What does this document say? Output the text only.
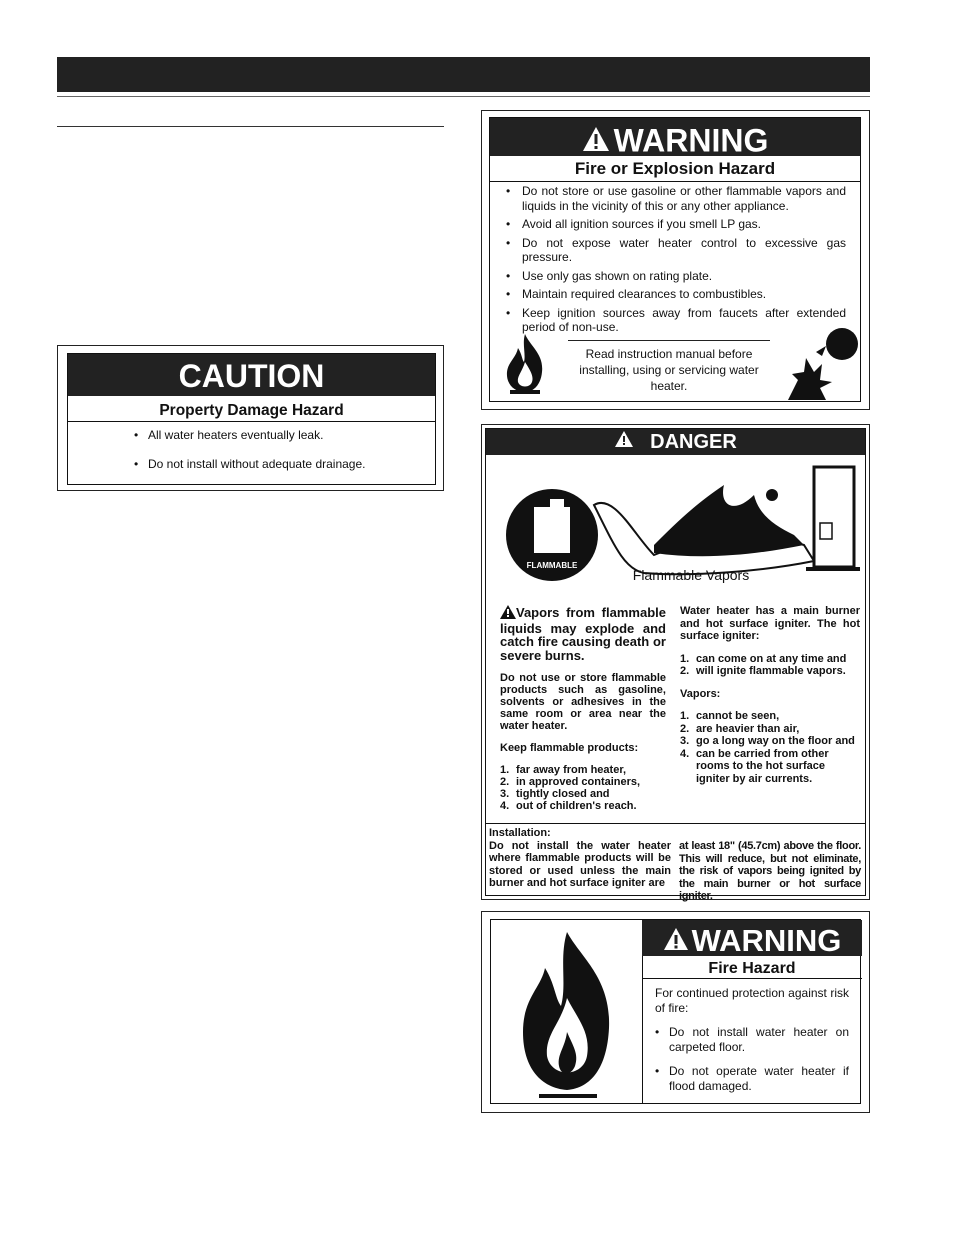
CAUTION
Property Damage Hazard
• All water heaters eventually leak.
• Do not install without adequate drainage.
WARNING
Fire or Explosion Hazard
• Do not store or use gasoline or other flammable vapors and liquids in the vicinity of this or any other appliance.
• Avoid all ignition sources if you smell LP gas.
• Do not expose water heater control to excessive gas pressure.
• Use only gas shown on rating plate.
• Maintain required clearances to combustibles.
• Keep ignition sources away from faucets after extended period of non-use.
Read instruction manual before installing, using or servicing water heater.
DANGER
FLAMMABLE
Flammable Vapors
Vapors from flammable liquids may explode and catch fire causing death or severe burns.
Do not use or store flammable products such as gasoline, solvents or adhesives in the same room or area near the water heater.
Keep flammable products:
1. far away from heater,
2. in approved containers,
3. tightly closed and
4. out of children's reach.
Water heater has a main burner and hot surface igniter. The hot surface igniter:
1. can come on at any time and
2. will ignite flammable vapors.
Vapors:
1. cannot be seen,
2. are heavier than air,
3. go a long way on the floor and
4. can be carried from other rooms to the hot surface igniter by air currents.
Installation:
Do not install the water heater where flammable products will be stored or used unless the main burner and hot surface igniter are
at least 18" (45.7cm) above the floor. This will reduce, but not eliminate, the risk of vapors being ignited by the main burner or hot surface igniter.
WARNING
Fire Hazard

For continued protection against risk of fire:

• Do not install water heater on carpeted floor.
• Do not operate water heater if flood damaged.
